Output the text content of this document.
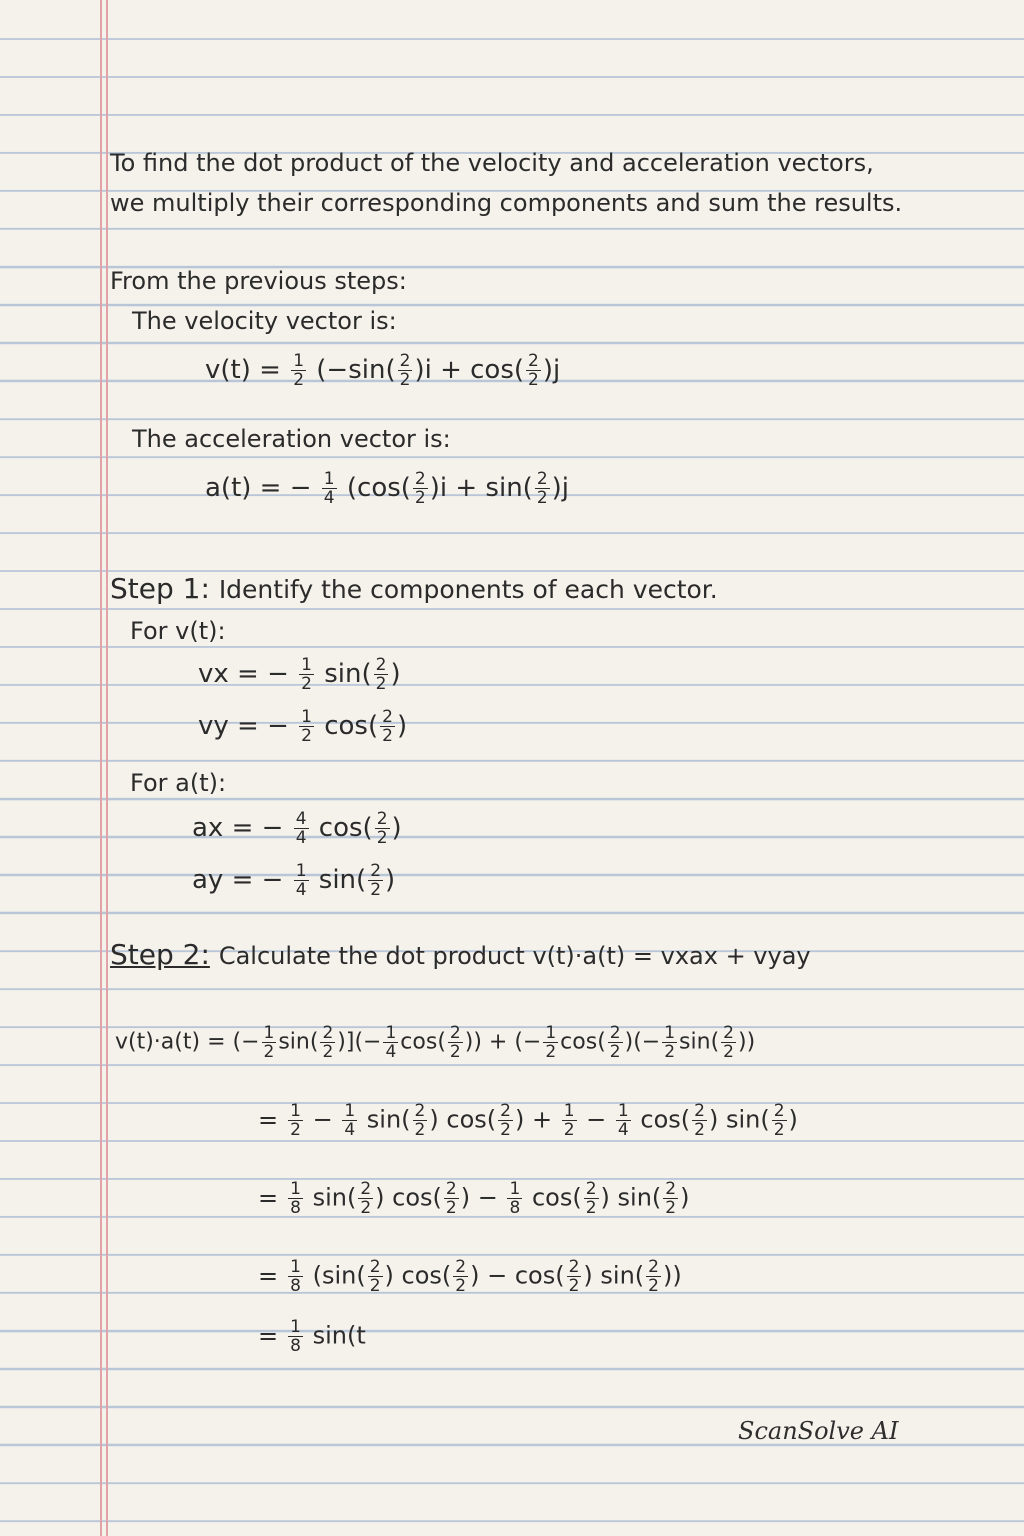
To find the dot product of the velocity and acceleration vectors,
we multiply their corresponding components and sum the results.
From the previous steps:
The velocity vector is:
$v(t) = \frac{1}{2} (-\sin( \frac{2}{2} )i + \cos( \frac{2}{2} )j$
The acceleration vector is:
a(t) = − $\frac{1}{4} (\cos( \frac{2}{2} )i + \sin( \frac{2}{2} )j$
Step 1: Identify the components of each vector.
For v(t):
vx = − $\frac{1}{2} \sin( \frac{2}{2}$ )
vy = − $\frac{1}{2} \cos( \frac{2}{2}$ )
For a(t):
ax = − $\frac{4}{4} \cos( \frac{2}{2}$ )
ay = − $\frac{1}{4} \sin( \frac{2}{2}$ )
Step 2: Calculate the dot product v(t)·a(t) = vxax + vyay
v(t)·a(t) = (− $\frac{1}{2} \sin( \frac{2}{2}$ )](− $\frac{1}{4} \cos( \frac{2}{2}$ )) + (− $\frac{1}{2} \cos( \frac{2}{2}$ )(− $\frac{1}{2} \sin( \frac{2}{2}$ ))
= $\frac{1}{2} - \frac{1}{4} \sin( \frac{2}{2}$ ) $\cos( \frac{2}{2}$ ) + $\frac{1}{2} - \frac{1}{4} \cos( \frac{2}{2}$ ) $\sin( \frac{2}{2}$ )
= $\frac{1}{8} \sin( \frac{2}{2}$ ) $\cos( \frac{2}{2}$ ) − $\frac{1}{8} \cos( \frac{2}{2}$ ) $\sin( \frac{2}{2}$ )
= $\frac{1}{8} (\sin( \frac{2}{2}$ ) $\cos( \frac{2}{2}$ ) − $\cos( \frac{2}{2}$ ) $\sin( \frac{2}{2}$ ))
= $\frac{1}{8} \sin(t$
ScanSolve AI
